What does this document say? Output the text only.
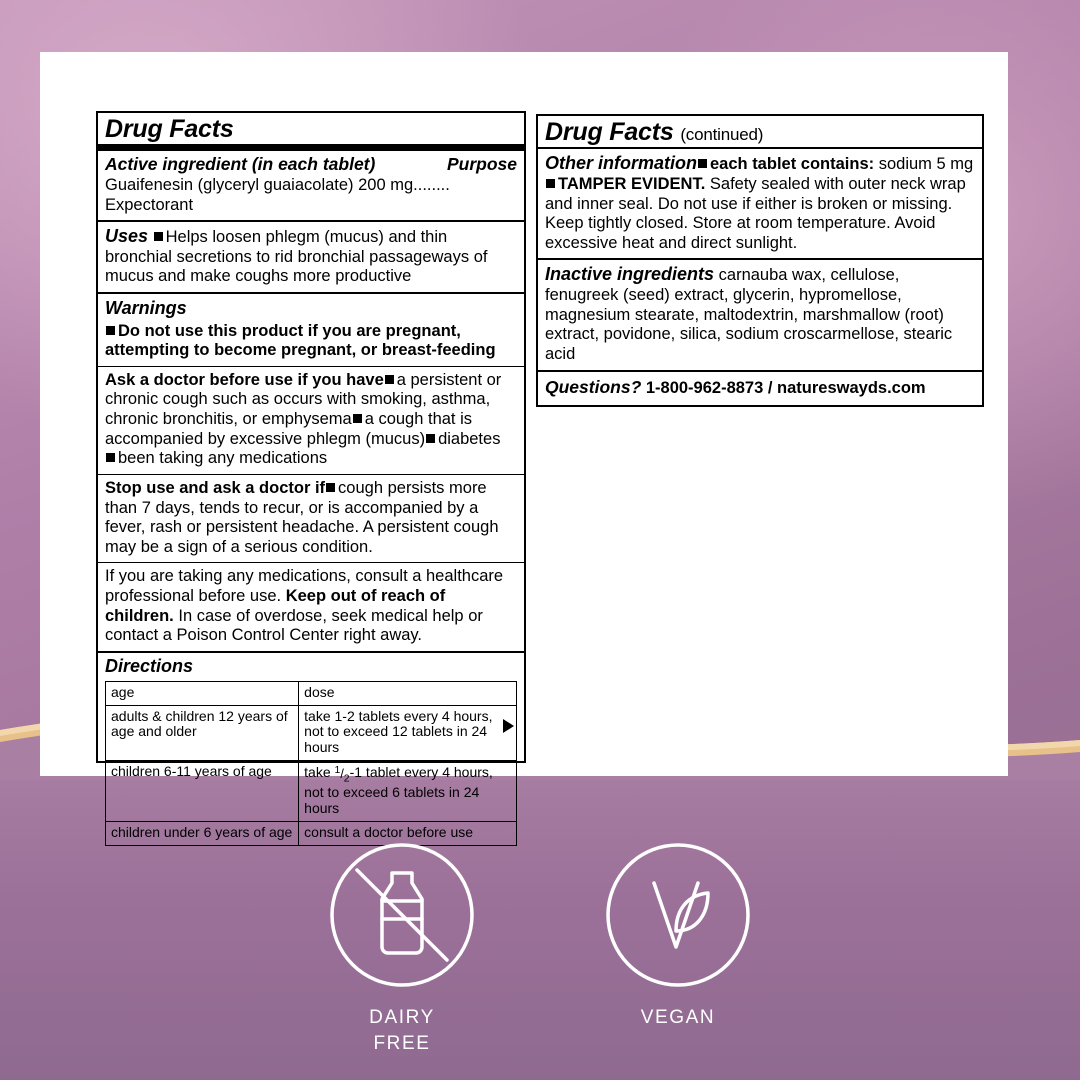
Drug Facts
Active ingredient (in each tablet)	Purpose
Guaifenesin (glyceryl guaiacolate) 200 mg........ Expectorant
Uses Helps loosen phlegm (mucus) and thin bronchial secretions to rid bronchial passageways of mucus and make coughs more productive
Warnings
Do not use this product if you are pregnant, attempting to become pregnant, or breast-feeding
Ask a doctor before use if you have a persistent or chronic cough such as occurs with smoking, asthma, chronic bronchitis, or emphysema a cough that is accompanied by excessive phlegm (mucus) diabetes
been taking any medications
Stop use and ask a doctor if cough persists more than 7 days, tends to recur, or is accompanied by a fever, rash or persistent headache. A persistent cough may be a sign of a serious condition.
If you are taking any medications, consult a healthcare professional before use. Keep out of reach of children. In case of overdose, seek medical help or contact a Poison Control Center right away.
Directions
age	dose
adults & children 12 years of age and older	take 1-2 tablets every 4 hours, not to exceed 12 tablets in 24 hours
children 6-11 years of age	take $^1/_2-1$ tablet every 4 hours, not to exceed 6 tablets in 24 hours
children under 6 years of age	consult a doctor before use
Drug Facts (continued)
Other information each tablet contains: sodium 5 mg
TAMPER EVIDENT. Safety sealed with outer neck wrap and inner seal. Do not use if either is broken or missing. Keep tightly closed. Store at room temperature. Avoid excessive heat and direct sunlight.
Inactive ingredients carnauba wax, cellulose, fenugreek (seed) extract, glycerin, hypromellose, magnesium stearate, maltodextrin, marshmallow (root) extract, povidone, silica, sodium croscarmellose, stearic acid
Questions? 1-800-962-8873 / natureswayds.com
DAIRY
FREE
VEGAN
